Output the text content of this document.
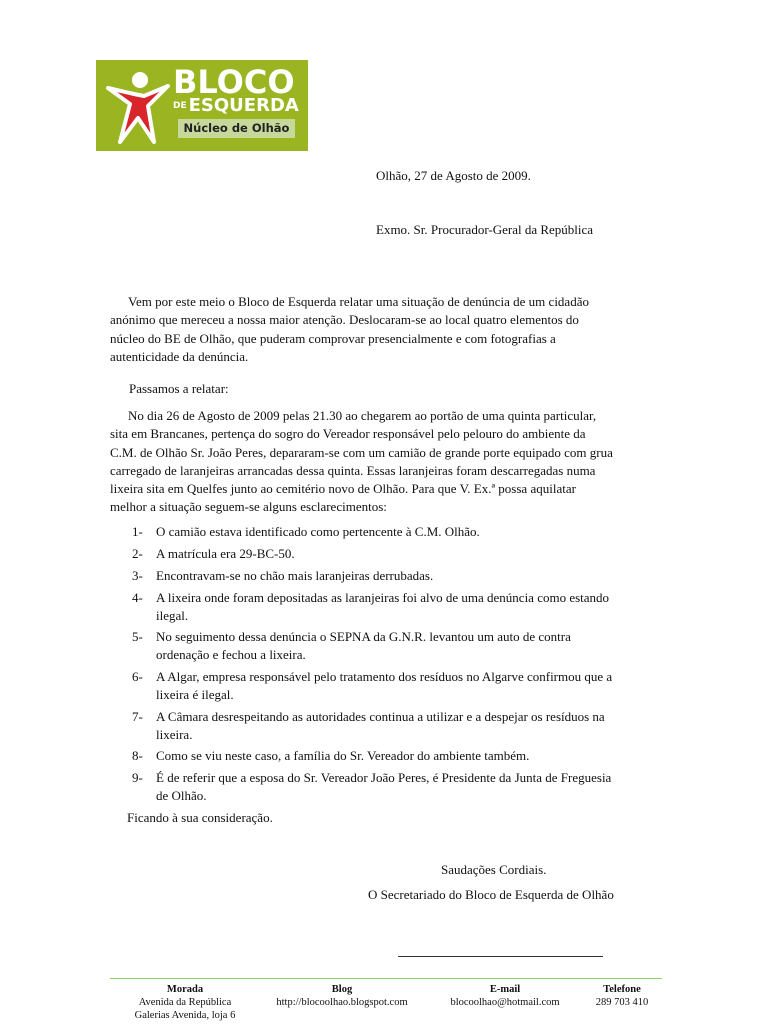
BLOCO
$^{DE}$ ESQUERDA
Núcleo de Olhão
Olhão, 27 de Agosto de 2009.
Exmo. Sr. Procurador-Geral da República
Vem por este meio o Bloco de Esquerda relatar uma situação de denúncia de um cidadão
anónimo que mereceu a nossa maior atenção. Deslocaram-se ao local quatro elementos do
núcleo do BE de Olhão, que puderam comprovar presencialmente e com fotografias a
autenticidade da denúncia.
Passamos a relatar:
No dia 26 de Agosto de 2009 pelas 21.30 ao chegarem ao portão de uma quinta particular,
sita em Brancanes, pertença do sogro do Vereador responsável pelo pelouro do ambiente da
C.M. de Olhão Sr. João Peres, depararam-se com um camião de grande porte equipado com grua
carregado de laranjeiras arrancadas dessa quinta. Essas laranjeiras foram descarregadas numa
lixeira sita em Quelfes junto ao cemitério novo de Olhão. Para que V. Ex.ª possa aquilatar
melhor a situação seguem-se alguns esclarecimentos:
1- O camião estava identificado como pertencente à C.M. Olhão.
2- A matrícula era 29-BC-50.
3- Encontravam-se no chão mais laranjeiras derrubadas.
4- A lixeira onde foram depositadas as laranjeiras foi alvo de uma denúncia como estando
ilegal.
5- No seguimento dessa denúncia o SEPNA da G.N.R. levantou um auto de contra
ordenação e fechou a lixeira.
6- A Algar, empresa responsável pelo tratamento dos resíduos no Algarve confirmou que a
lixeira é ilegal.
7- A Câmara desrespeitando as autoridades continua a utilizar e a despejar os resíduos na
lixeira.
8- Como se viu neste caso, a família do Sr. Vereador do ambiente também.
9- É de referir que a esposa do Sr. Vereador João Peres, é Presidente da Junta de Freguesia
de Olhão.
Ficando à sua consideração.
Saudações Cordiais.
O Secretariado do Bloco de Esquerda de Olhão
Morada
Avenida da República
Galerias Avenida, loja 6
Blog
http://blocoolhao.blogspot.com
E-mail
blocoolhao@hotmail.com
Telefone
289 703 410
